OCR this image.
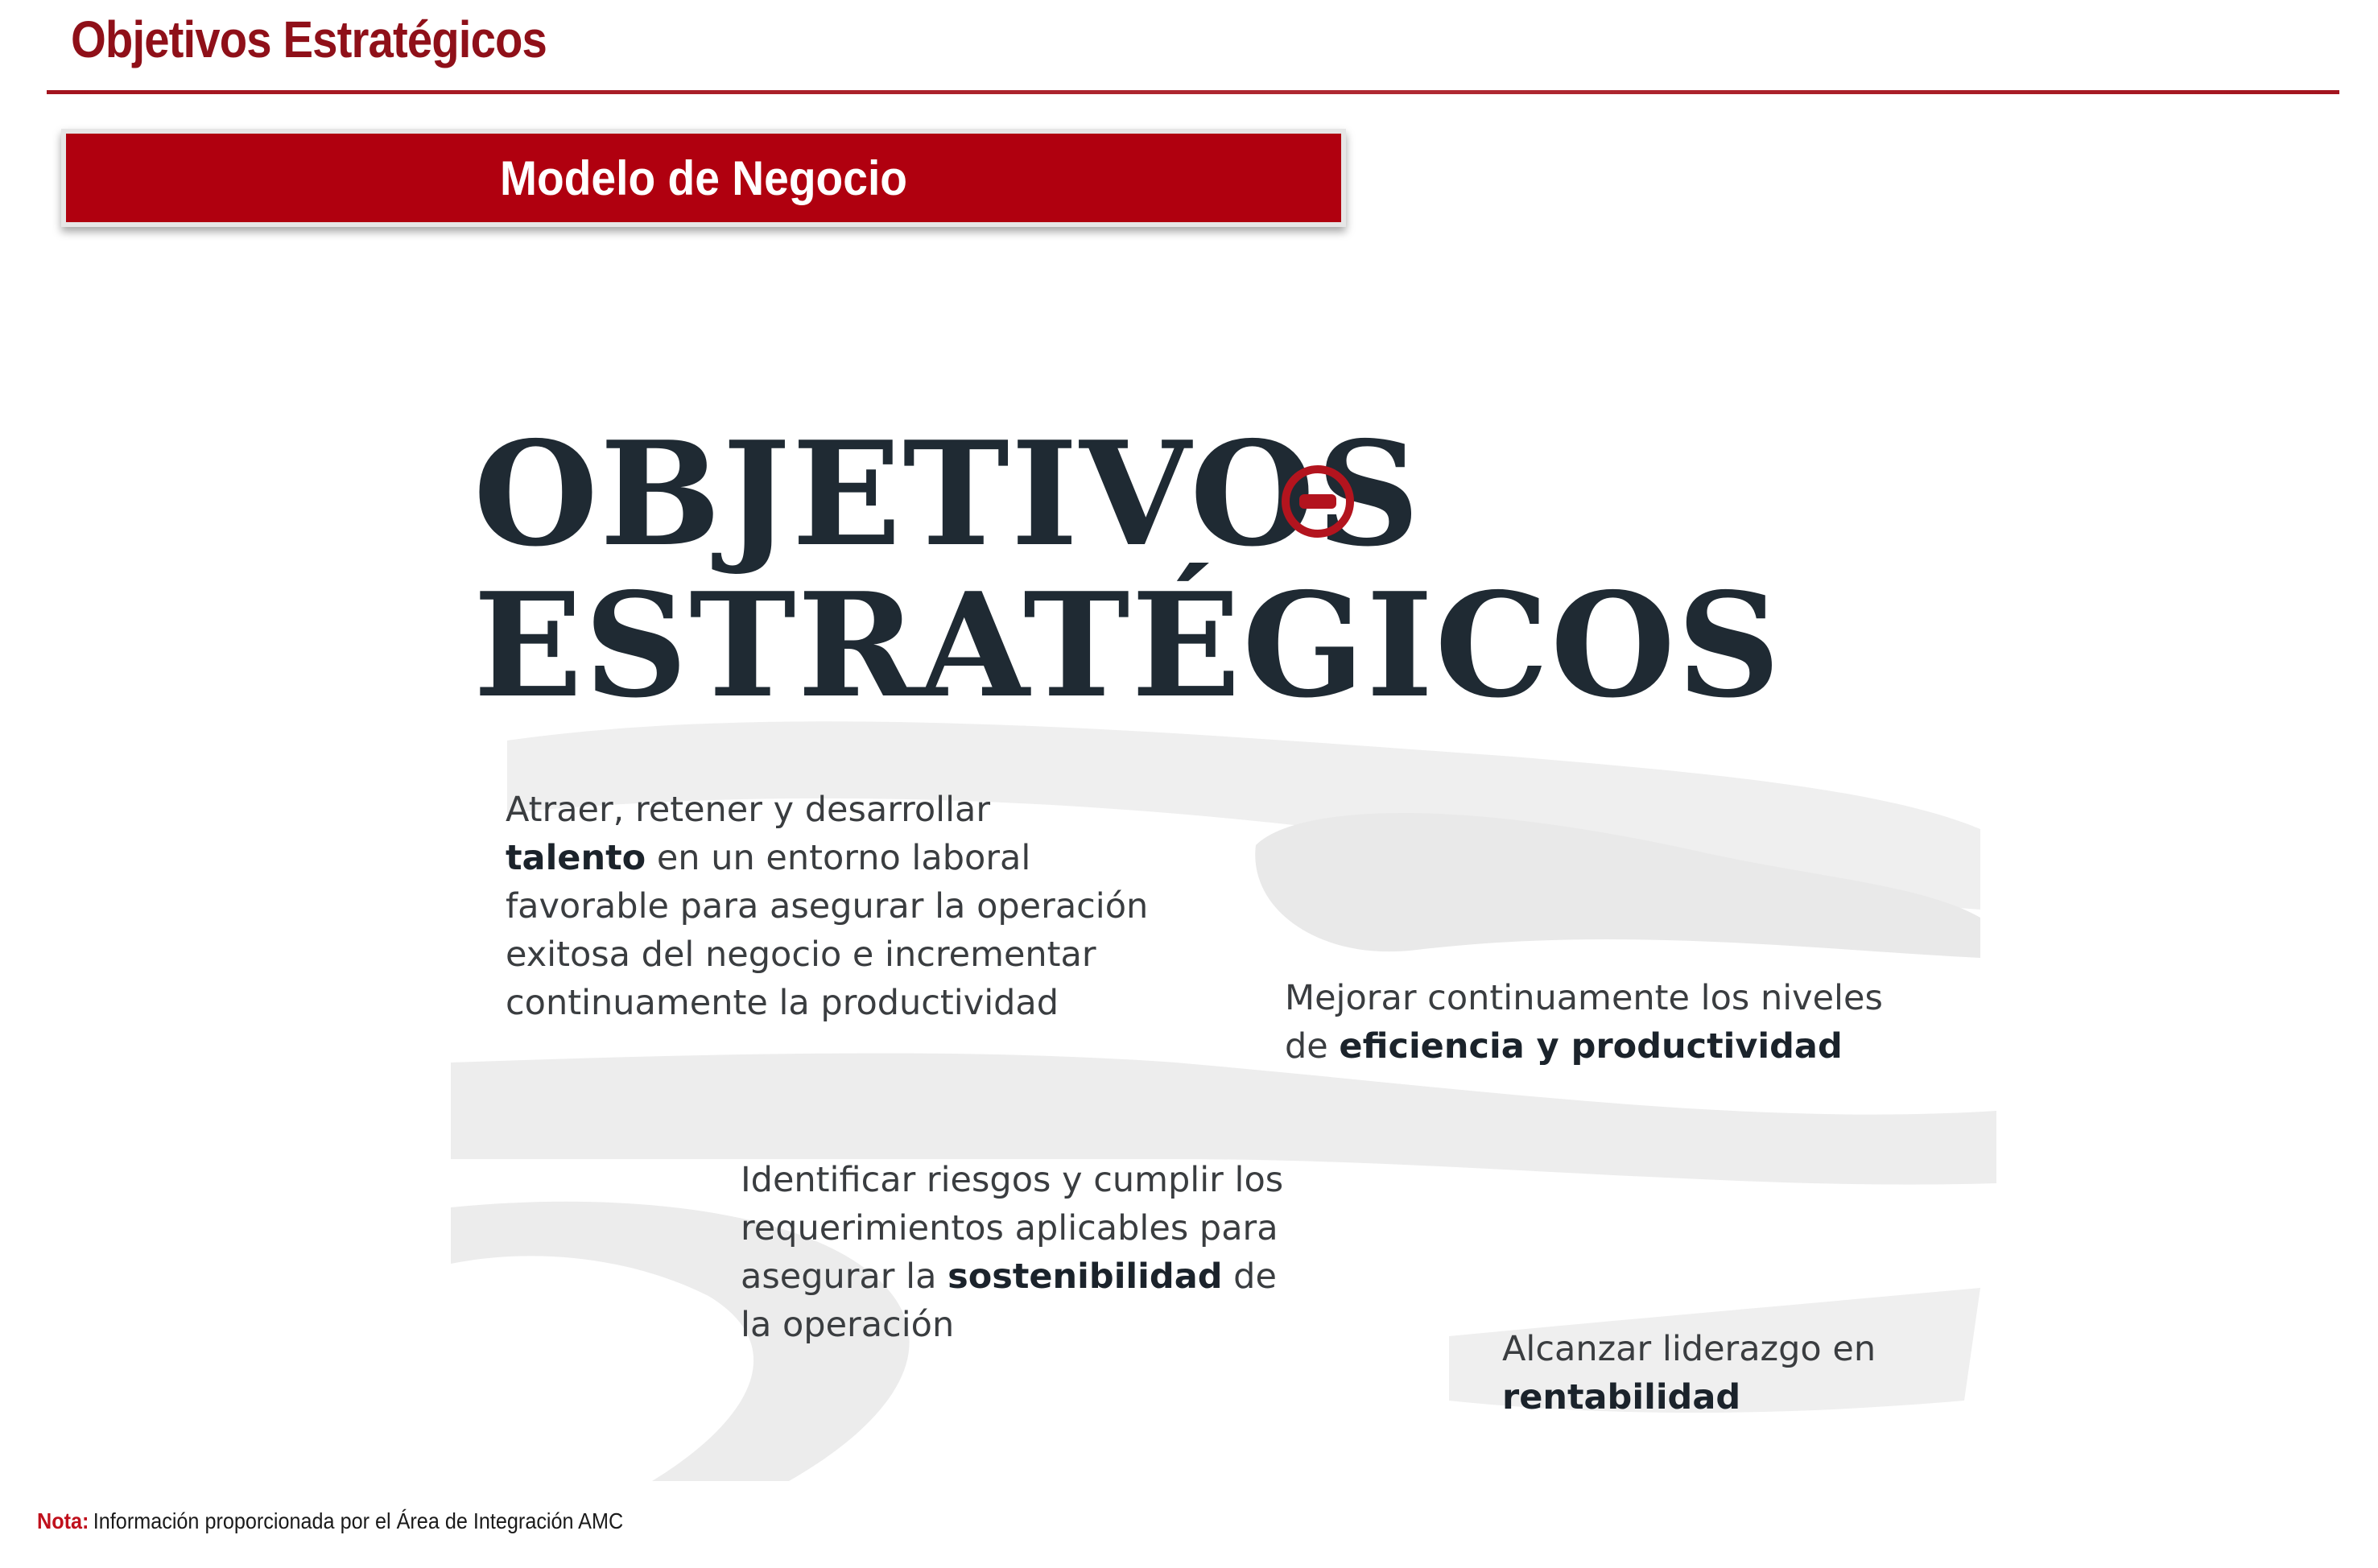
Objetivos Estratégicos
Modelo de Negocio
OBJETIVOS
ESTRATÉGICOS
Atraer, retener y desarrollar
talento en un entorno laboral
favorable para asegurar la operación
exitosa del negocio e incrementar
continuamente la productividad	Mejorar continuamente los niveles
de eficiencia y productividad
Identificar riesgos y cumplir los
requerimientos aplicables para
asegurar la sostenibilidad de
la operación
Alcanzar liderazgo en
rentabilidad
Nota: Información proporcionada por el Área de Integración AMC
